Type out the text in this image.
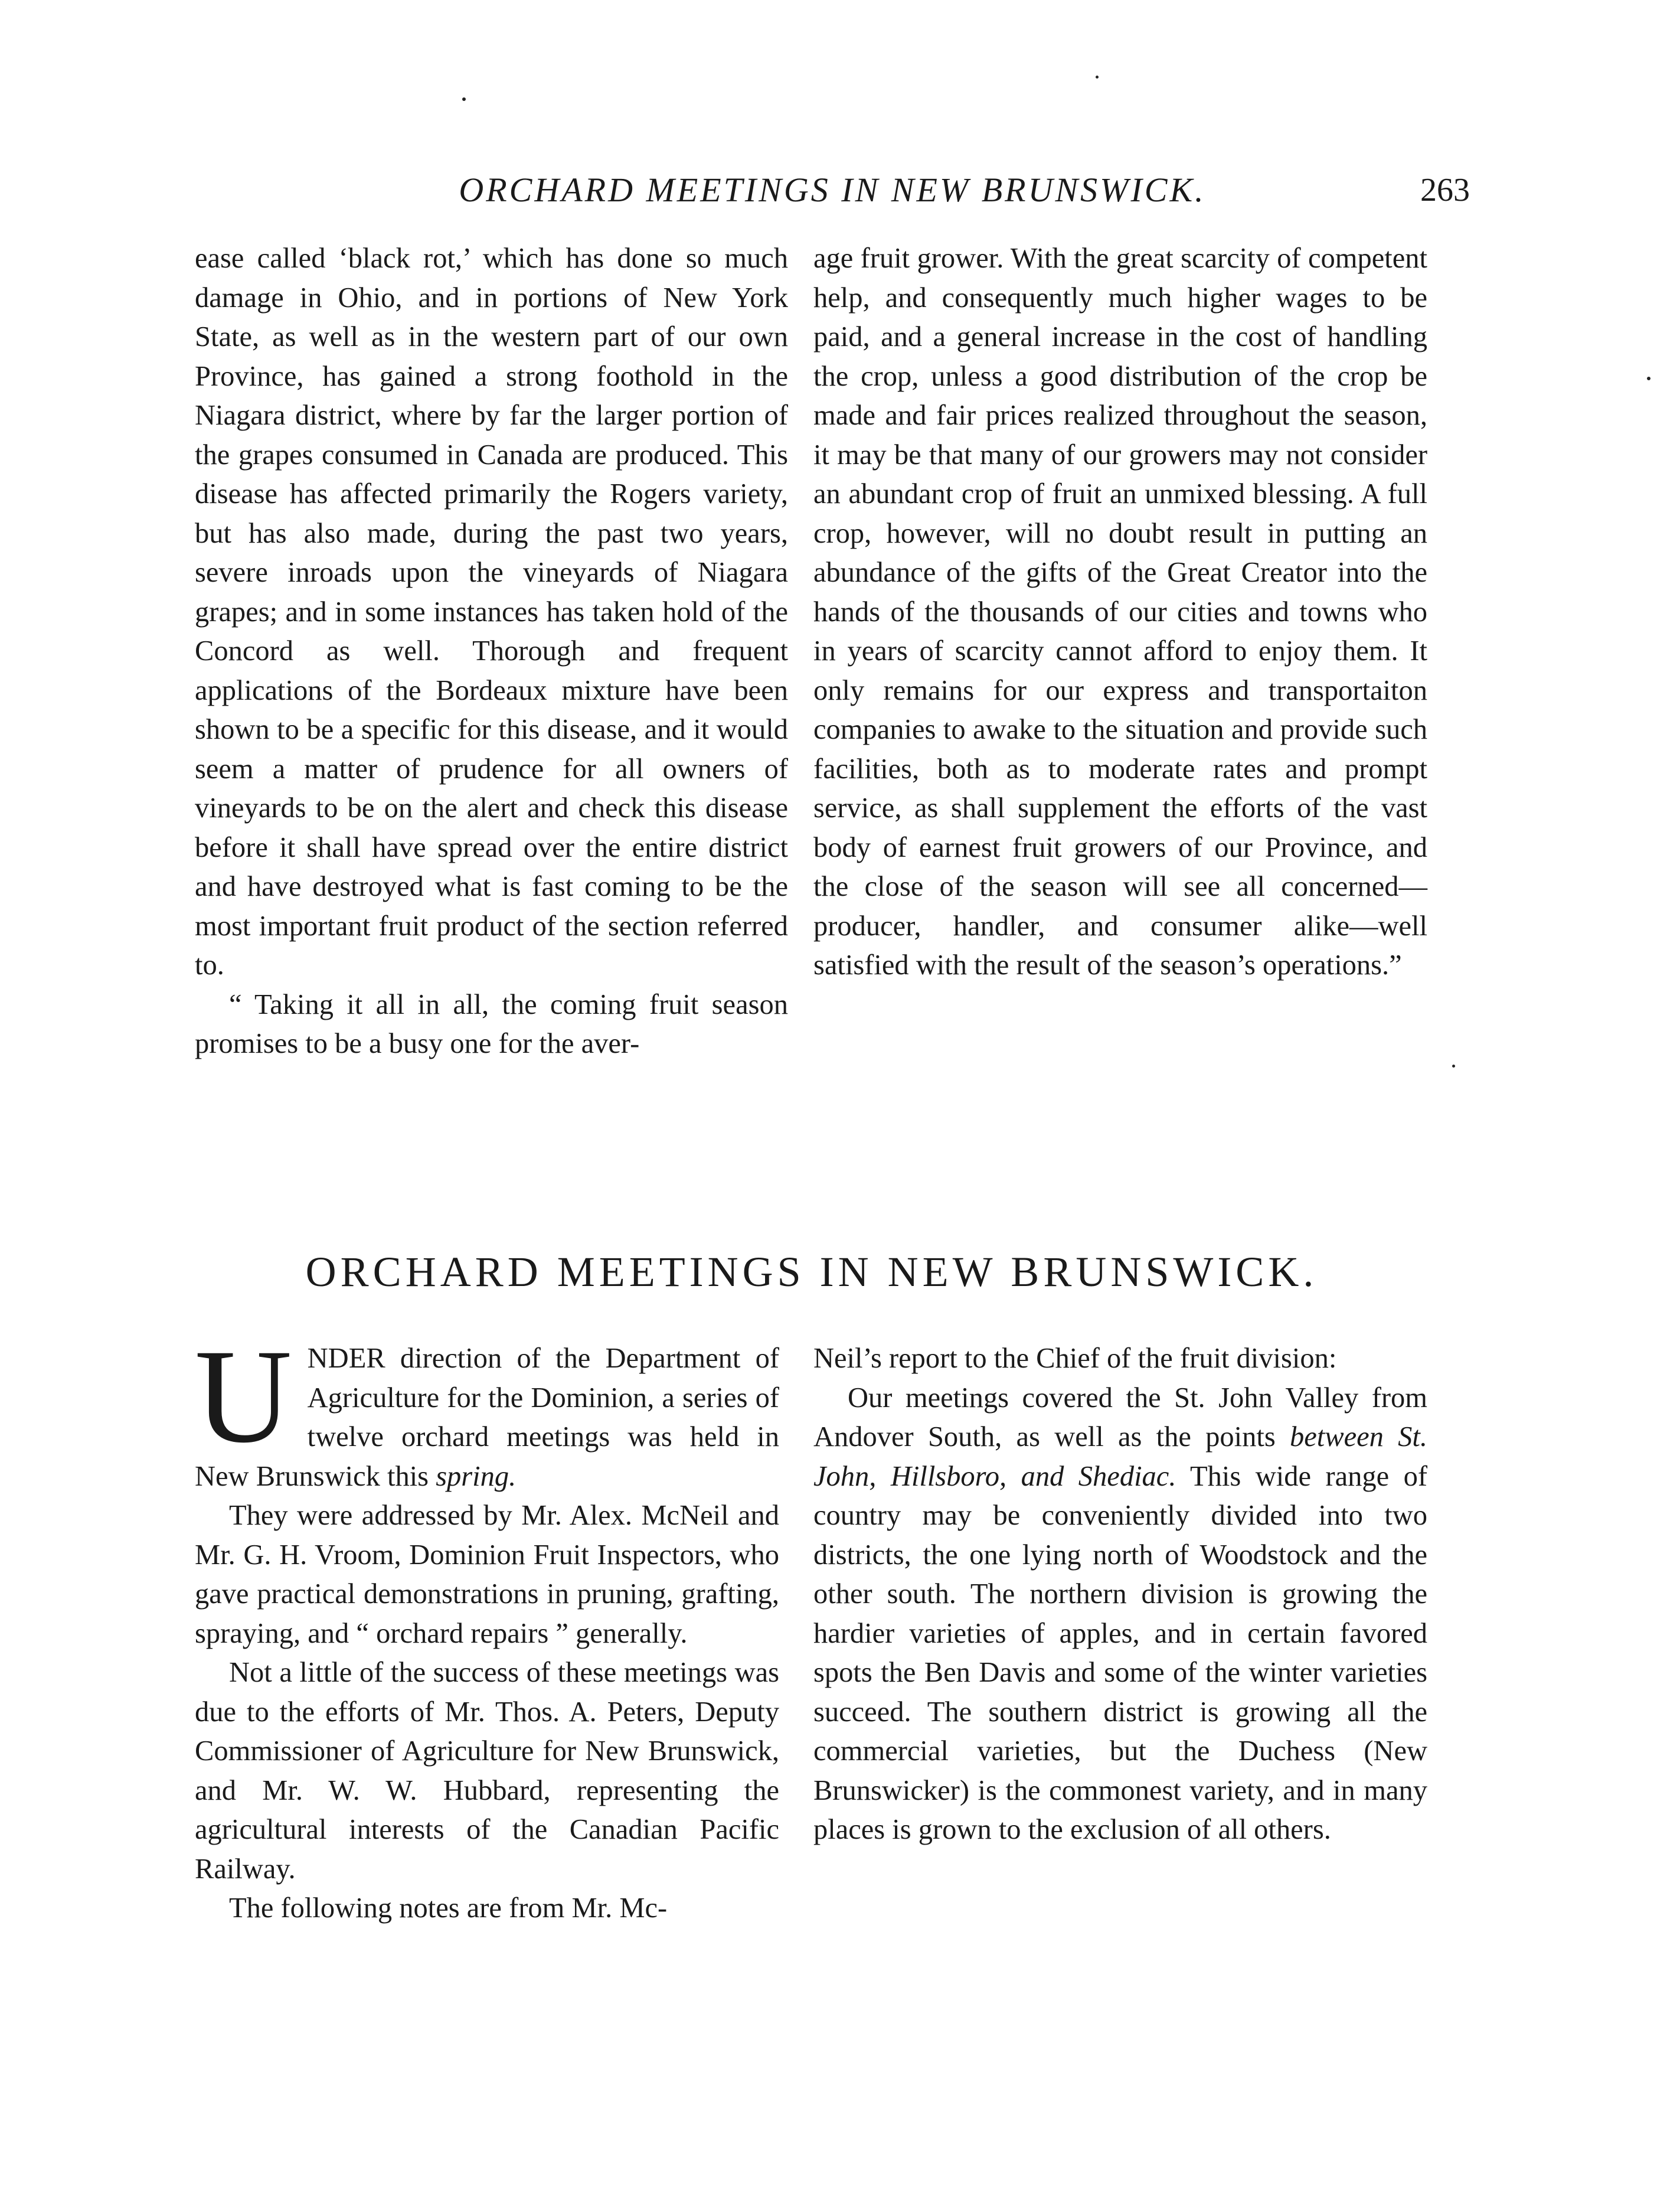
ORCHARD MEETINGS IN NEW BRUNSWICK.	263

ease called ‘black rot,’ which has done so much damage in Ohio, and in portions of New York State, as well as in the western part of our own Province, has gained a strong foothold in the Niagara district, where by far the larger portion of the grapes consumed in Canada are produced. This disease has affected primarily the Rogers variety, but has also made, during the past two years, severe inroads upon the vineyards of Niagara grapes; and in some instances has taken hold of the Concord as well. Thorough and frequent applications of the Bordeaux mixture have been shown to be a specific for this disease, and it would seem a matter of prudence for all owners of vineyards to be on the alert and check this disease before it shall have spread over the entire district and have destroyed what is fast coming to be the most important fruit product of the section referred to.

“ Taking it all in all, the coming fruit season promises to be a busy one for the aver-

age fruit grower. With the great scarcity of competent help, and consequently much higher wages to be paid, and a general increase in the cost of handling the crop, unless a good distribution of the crop be made and fair prices realized throughout the season, it may be that many of our growers may not consider an abundant crop of fruit an unmixed blessing. A full crop, however, will no doubt result in putting an abundance of the gifts of the Great Creator into the hands of the thousands of our cities and towns who in years of scarcity cannot afford to enjoy them. It only remains for our express and transportaiton companies to awake to the situation and provide such facilities, both as to moderate rates and prompt service, as shall supplement the efforts of the vast body of earnest fruit growers of our Province, and the close of the season will see all concerned—producer, handler, and consumer alike—well satisfied with the result of the season’s operations.”

ORCHARD MEETINGS IN NEW BRUNSWICK.

UNDER direction of the Department of Agriculture for the Dominion, a series of twelve orchard meetings was held in New Brunswick this spring.

They were addressed by Mr. Alex. McNeil and Mr. G. H. Vroom, Dominion Fruit Inspectors, who gave practical demonstrations in pruning, grafting, spraying, and “ orchard repairs ” generally.

Not a little of the success of these meetings was due to the efforts of Mr. Thos. A. Peters, Deputy Commissioner of Agriculture for New Brunswick, and Mr. W. W. Hubbard, representing the agricultural interests of the Canadian Pacific Railway.

The following notes are from Mr. Mc-

Neil’s report to the Chief of the fruit division:

Our meetings covered the St. John Valley from Andover South, as well as the points between St. John, Hillsboro, and Shediac. This wide range of country may be conveniently divided into two districts, the one lying north of Woodstock and the other south. The northern division is growing the hardier varieties of apples, and in certain favored spots the Ben Davis and some of the winter varieties succeed. The southern district is growing all the commercial varieties, but the Duchess (New Brunswicker) is the commonest variety, and in many places is grown to the exclusion of all others.
